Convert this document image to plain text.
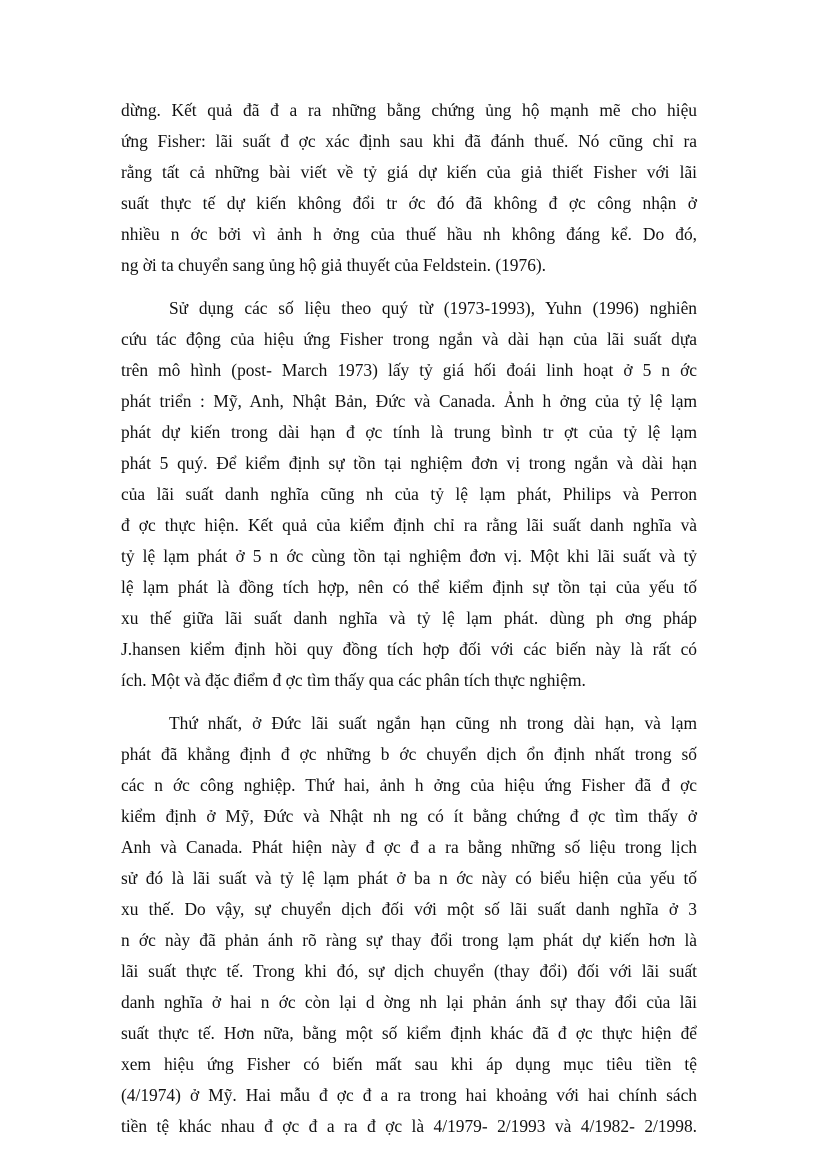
dừng. Kết quả đã đ a ra những bằng chứng ủng hộ mạnh mẽ cho hiệu
ứng Fisher: lãi suất đ ợc xác định sau khi đã đánh thuế. Nó cũng chỉ ra
rằng tất cả những bài viết về tỷ giá dự kiến của giả thiết Fisher với lãi
suất thực tế dự kiến không đổi tr ớc đó đã không đ ợc công nhận ở
nhiều n ớc bởi vì ảnh h ởng của thuế hầu nh không đáng kể. Do đó,
ng ời ta chuyển sang ủng hộ giả thuyết của Feldstein. (1976).
Sử dụng các số liệu theo quý từ (1973-1993), Yuhn (1996) nghiên
cứu tác động của hiệu ứng Fisher trong ngắn và dài hạn của lãi suất dựa
trên mô hình (post- March 1973) lấy tỷ giá hối đoái linh hoạt ở 5 n ớc
phát triển : Mỹ, Anh, Nhật Bản, Đức và Canada. Ảnh h ởng của tỷ lệ lạm
phát dự kiến trong dài hạn đ ợc tính là trung bình tr ợt của tỷ lệ lạm
phát 5 quý. Để kiểm định sự tồn tại nghiệm đơn vị trong ngắn và dài hạn
của lãi suất danh nghĩa cũng nh của tỷ lệ lạm phát, Philips và Perron
đ ợc thực hiện. Kết quả của kiểm định chỉ ra rằng lãi suất danh nghĩa và
tỷ lệ lạm phát ở 5 n ớc cùng tồn tại nghiệm đơn vị. Một khi lãi suất và tỷ
lệ lạm phát là đồng tích hợp, nên có thể kiểm định sự tồn tại của yếu tố
xu thế giữa lãi suất danh nghĩa và tỷ lệ lạm phát. dùng ph ơng pháp
J.hansen kiểm định hồi quy đồng tích hợp đối với các biến này là rất có
ích. Một và đặc điểm đ ợc tìm thấy qua các phân tích thực nghiệm.
Thứ nhất, ở Đức lãi suất ngắn hạn cũng nh trong dài hạn, và lạm
phát đã khẳng định đ ợc những b ớc chuyển dịch ổn định nhất trong số
các n ớc công nghiệp. Thứ hai, ảnh h ởng của hiệu ứng Fisher đã đ ợc
kiểm định ở Mỹ, Đức và Nhật nh ng có ít bằng chứng đ ợc tìm thấy ở
Anh và Canada. Phát hiện này đ ợc đ a ra bằng những số liệu trong lịch
sử đó là lãi suất và tỷ lệ lạm phát ở ba n ớc này có biểu hiện của yếu tố
xu thế. Do vậy, sự chuyển dịch đối với một số lãi suất danh nghĩa ở 3
n ớc này đã phản ánh rõ ràng sự thay đổi trong lạm phát dự kiến hơn là
lãi suất thực tế. Trong khi đó, sự dịch chuyển (thay đổi) đối với lãi suất
danh nghĩa ở hai n ớc còn lại d ờng nh lại phản ánh sự thay đổi của lãi
suất thực tế. Hơn nữa, bằng một số kiểm định khác đã đ ợc thực hiện để
xem hiệu ứng Fisher có biến mất sau khi áp dụng mục tiêu tiền tệ
(4/1974) ở Mỹ. Hai mẫu đ ợc đ a ra trong hai khoảng với hai chính sách
tiền tệ khác nhau đ ợc đ a ra đ ợc là 4/1979- 2/1993 và 4/1982- 2/1998.
